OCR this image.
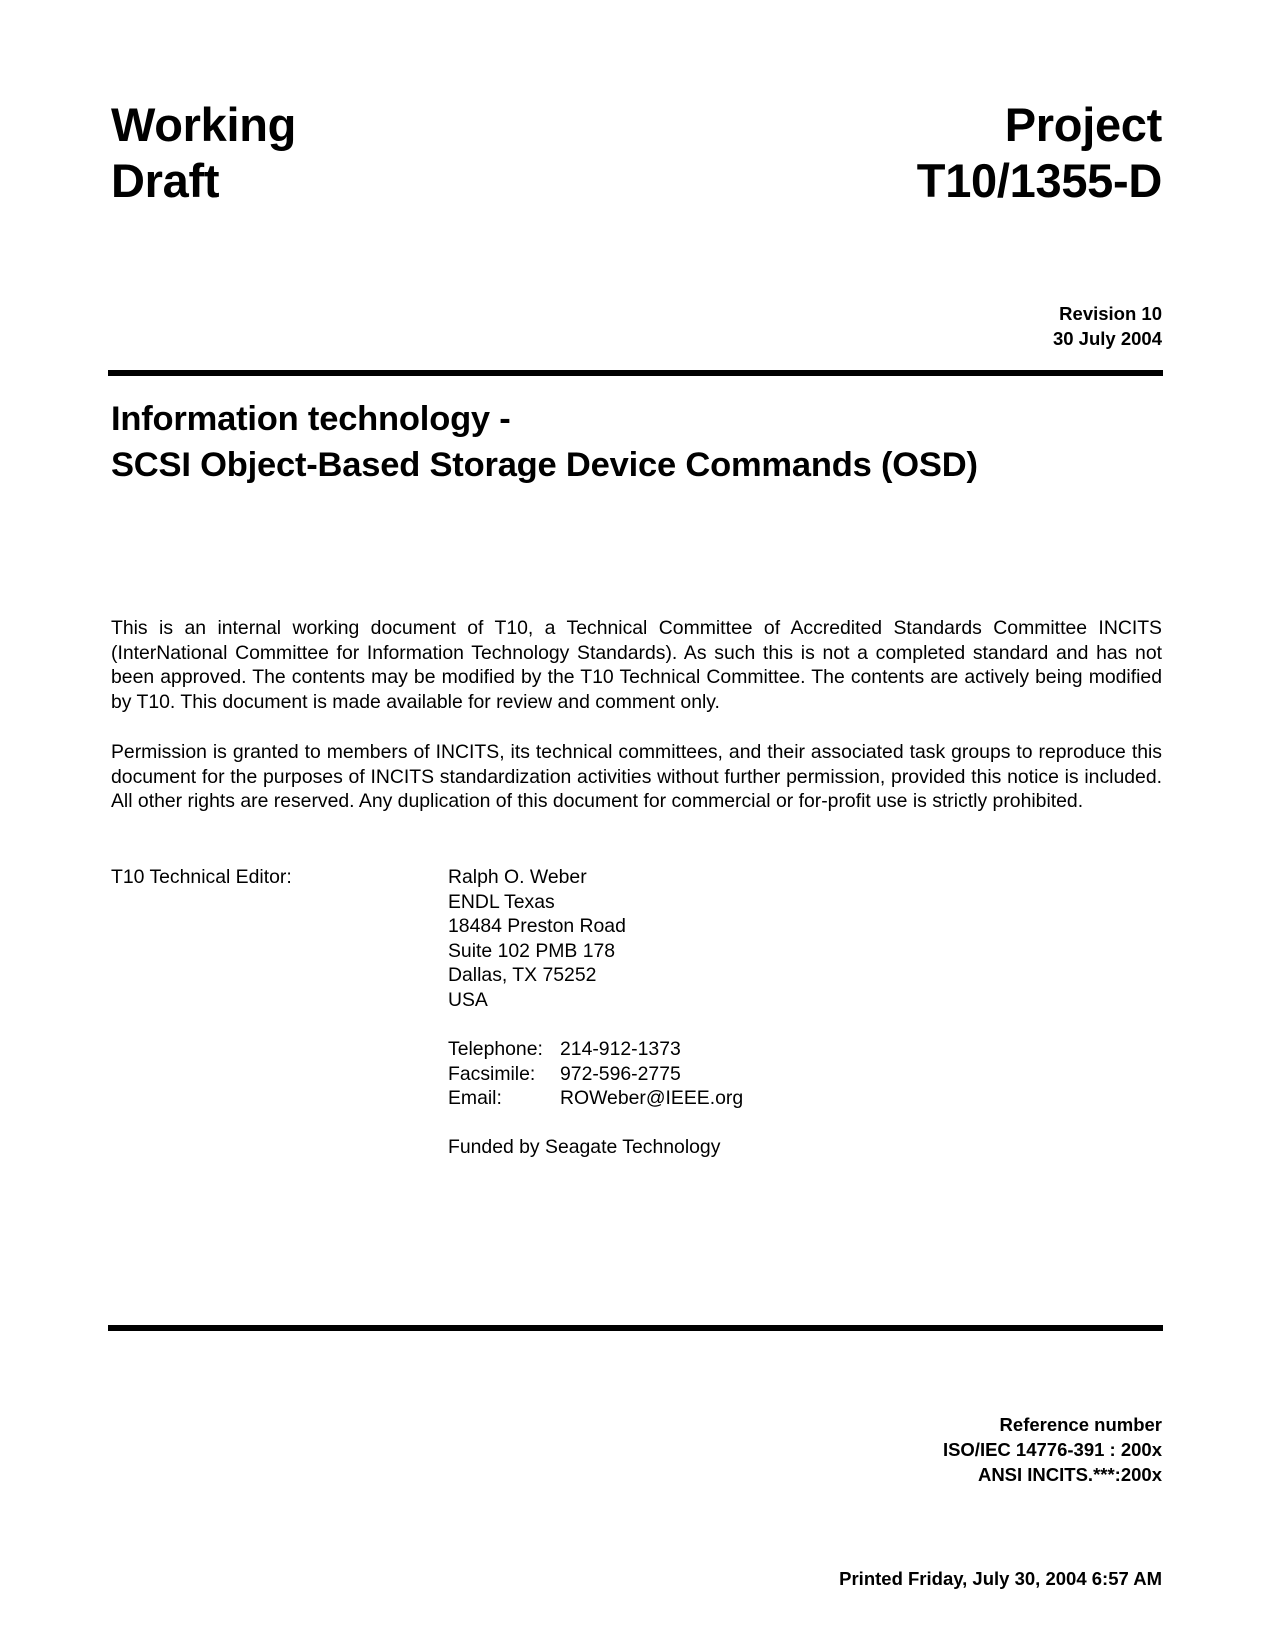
Working
Draft
Project
T10/1355-D
Revision 10
30 July 2004
Information technology -
SCSI Object-Based Storage Device Commands (OSD)

This is an internal working document of T10, a Technical Committee of Accredited Standards Committee INCITS (InterNational Committee for Information Technology Standards). As such this is not a completed standard and has not been approved. The contents may be modified by the T10 Technical Committee. The contents are actively being modified by T10. This document is made available for review and comment only.

Permission is granted to members of INCITS, its technical committees, and their associated task groups to reproduce this document for the purposes of INCITS standardization activities without further permission, provided this notice is included. All other rights are reserved. Any duplication of this document for commercial or for-profit use is strictly prohibited.

T10 Technical Editor:	Ralph O. Weber
ENDL Texas
18484 Preston Road
Suite 102 PMB 178
Dallas, TX 75252
USA
Telephone: 214-912-1373
Facsimile:	972-596-2775
Email:	ROWeber@IEEE.org
Funded by Seagate Technology
Reference number
ISO/IEC 14776-391 : 200x
ANSI INCITS.***:200x
Printed Friday, July 30, 2004 6:57 AM
